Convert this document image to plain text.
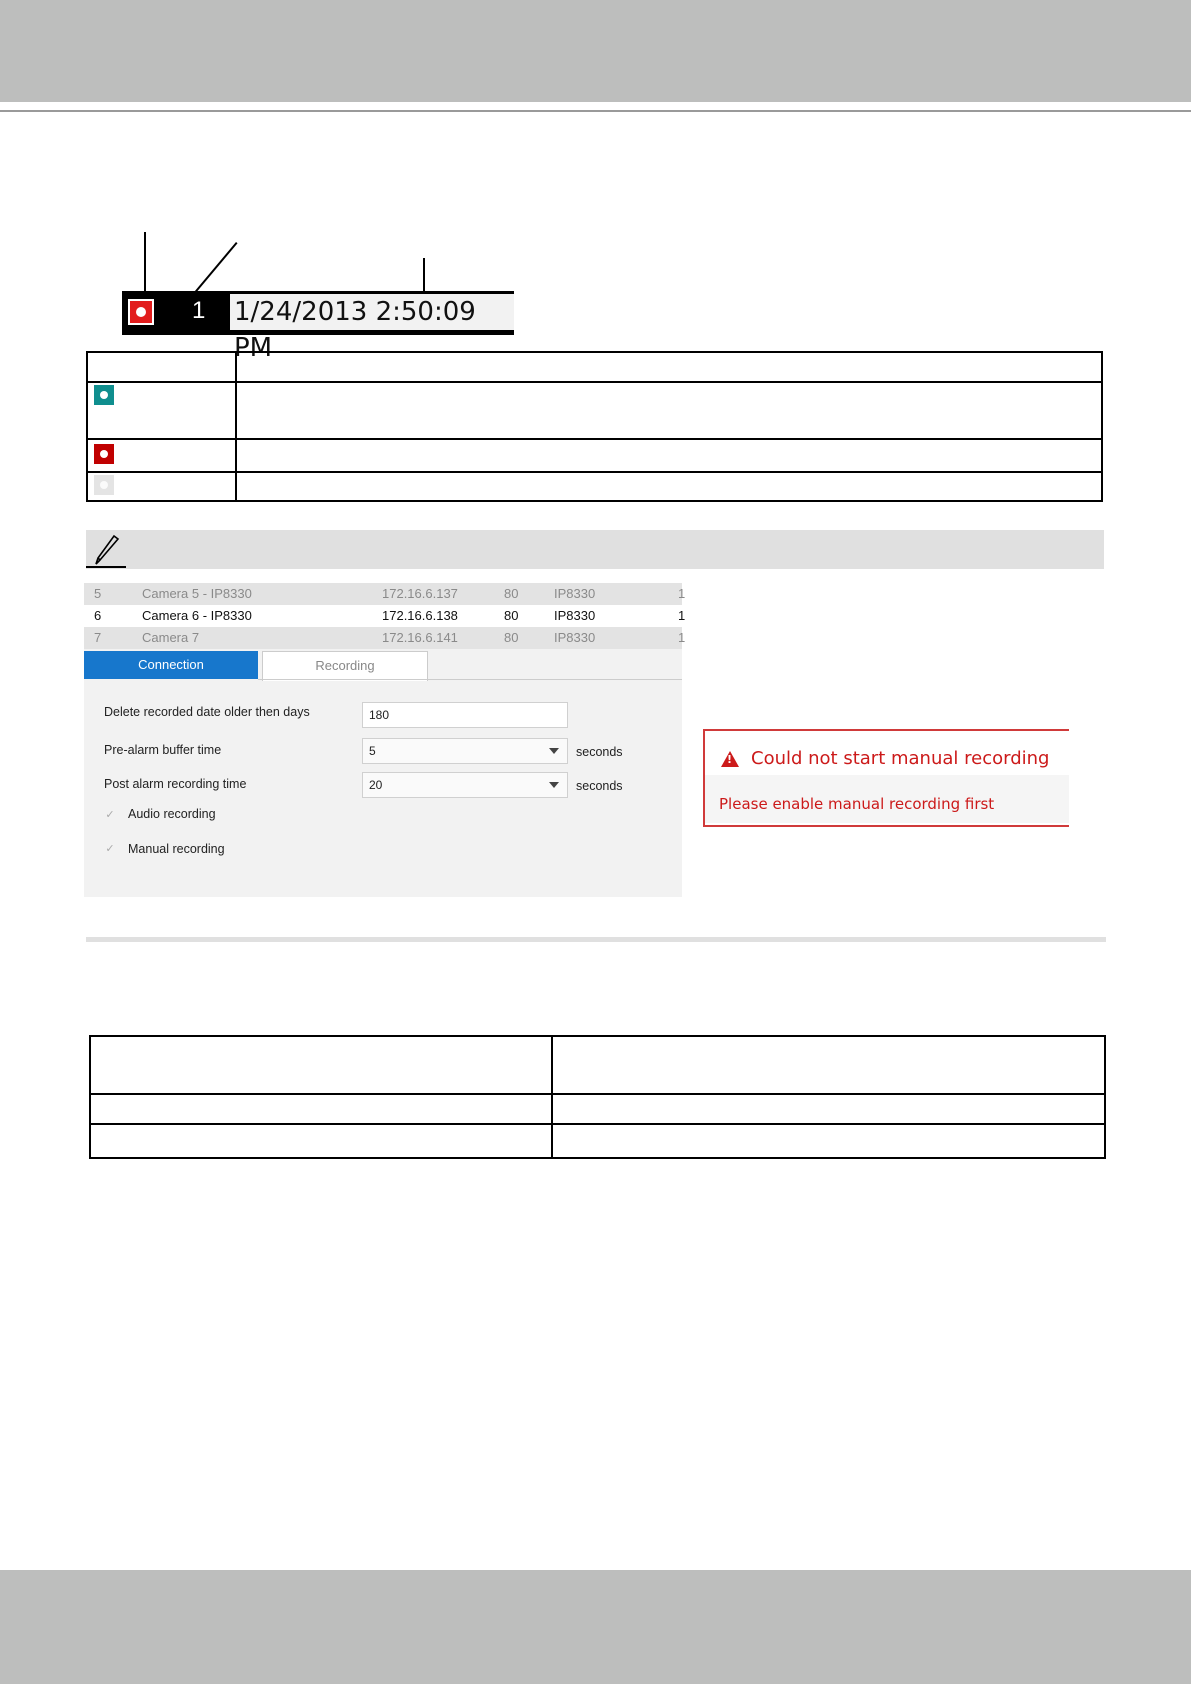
1 1/24/2013 2:50:09 PM

5	Camera 5 - IP8330	172.16.6.137	80	IP8330	1
6	Camera 6 - IP8330	172.16.6.138	80	IP8330	1
7	Camera 7	172.16.6.141	80	IP8330	1
Connection	Recording
Delete recorded date older then days	180
Pre-alarm buffer time	5	seconds
Post alarm recording time	20	seconds
✓ Audio recording
✓ Manual recording
!
Could not start manual recording
Please enable manual recording first
